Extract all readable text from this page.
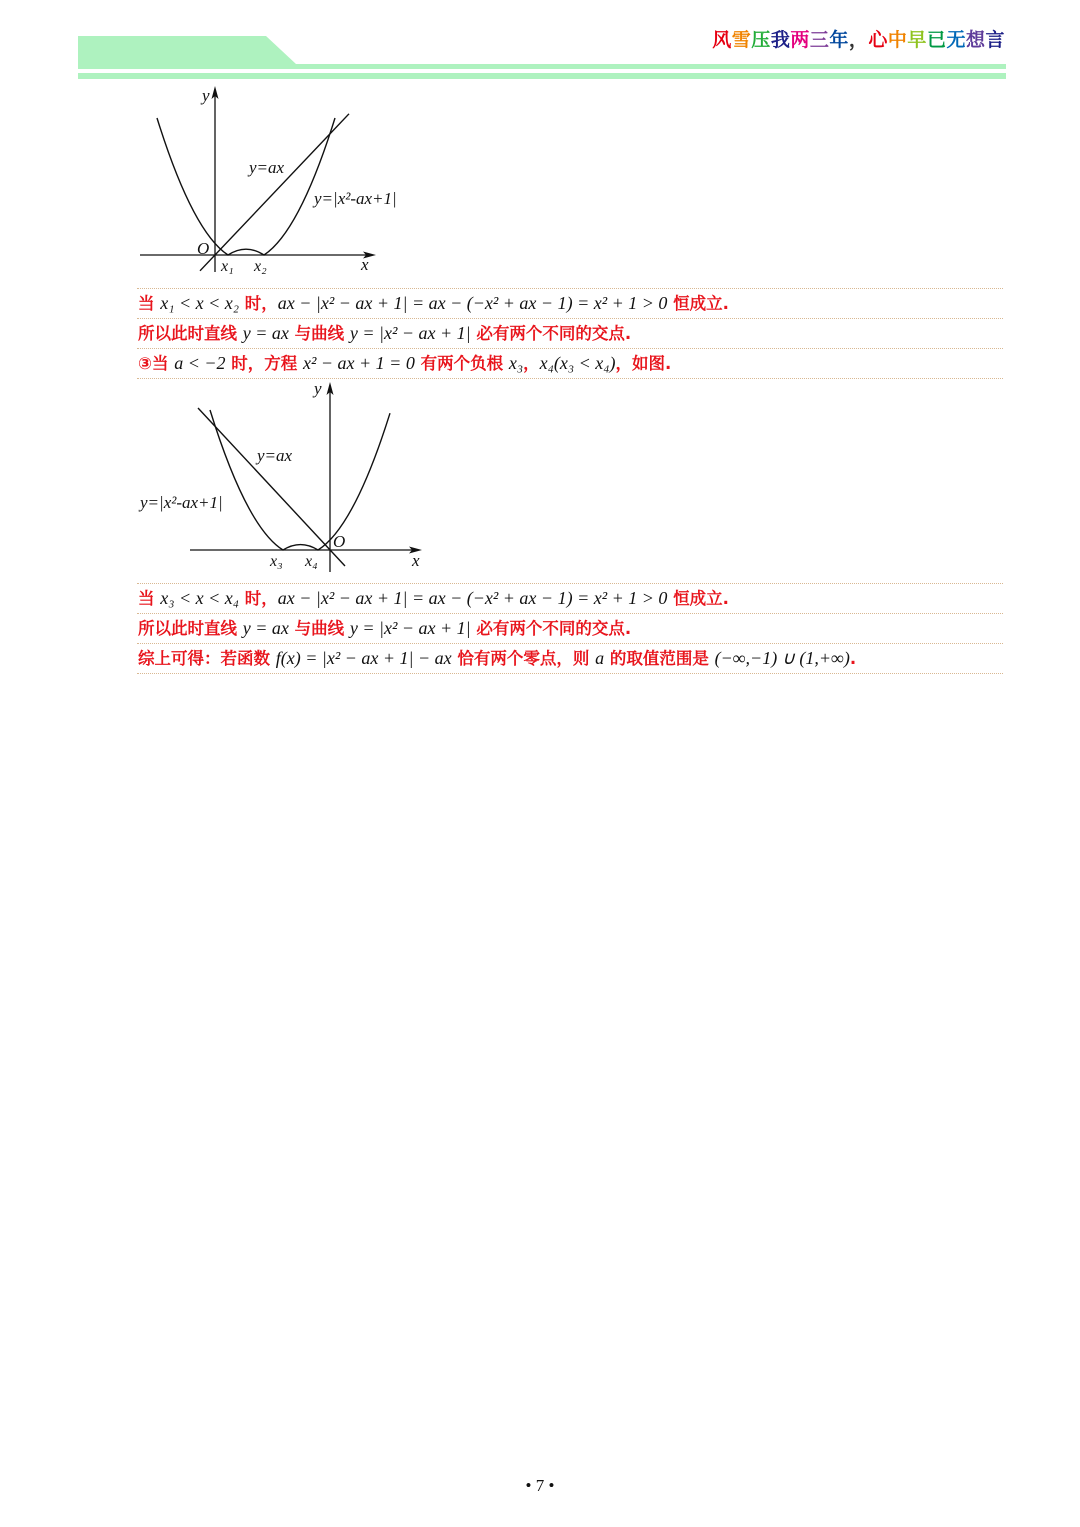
风雪压我两三年，心中早已无想言
y
O
x₁ x₂	x
y=ax
y=|x²-ax+1|
当 x₁ < x < x₂ 时，ax − |x² − ax + 1| = ax − (−x² + ax − 1) = x² + 1 > 0 恒成立.
所以此时直线 y = ax 与曲线 y = |x² − ax + 1| 必有两个不同的交点.
③当 a < −2 时，方程 x² − ax + 1 = 0 有两个负根 x₃，x₄(x₃ < x₄)，如图.
y
O
x₃ x₄	x
y=ax
y=|x²-ax+1|
当 x₃ < x < x₄ 时，ax − |x² − ax + 1| = ax − (−x² + ax − 1) = x² + 1 > 0 恒成立.
所以此时直线 y = ax 与曲线 y = |x² − ax + 1| 必有两个不同的交点.
综上可得：若函数 f(x) = |x² − ax + 1| − ax 恰有两个零点，则 a 的取值范围是 (−∞,−1) ∪ (1,+∞).
• 7 •
